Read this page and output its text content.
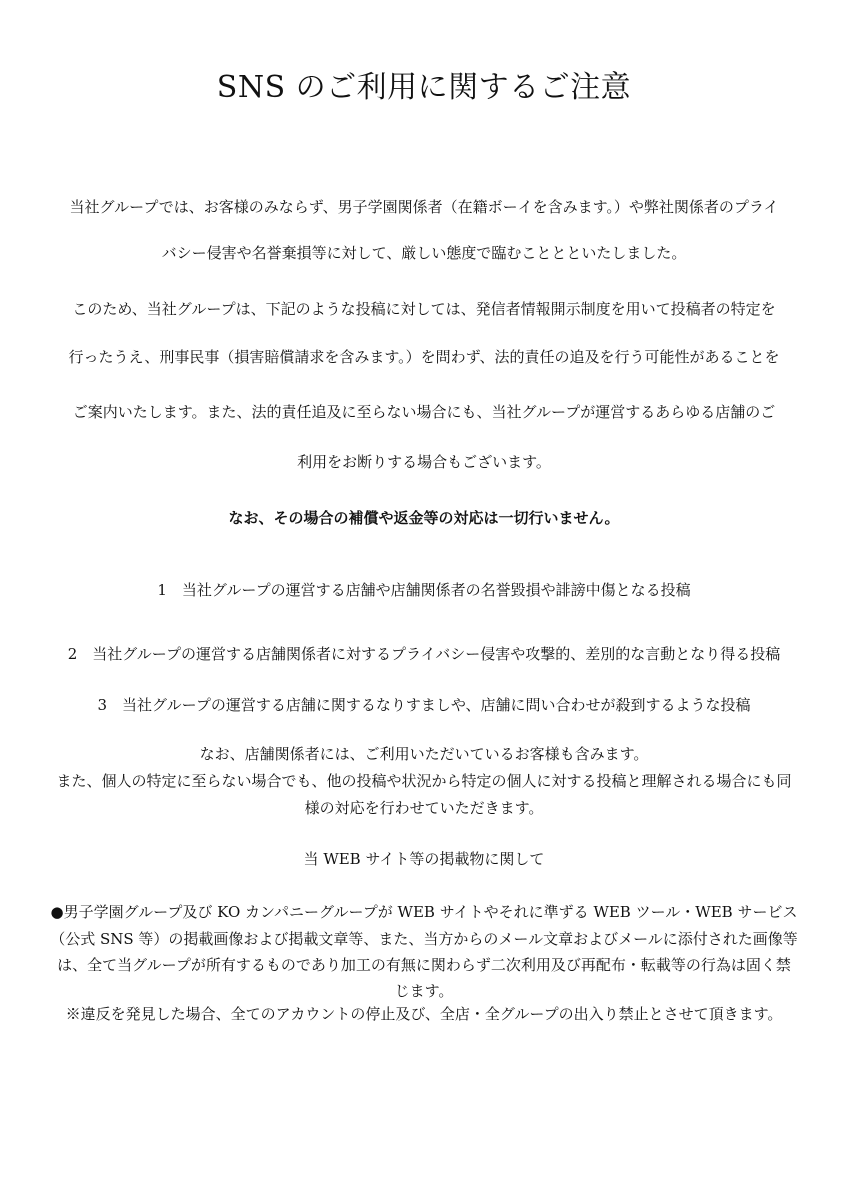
SNS のご利用に関するご注意
当社グループでは、お客様のみならず、男子学園関係者（在籍ボーイを含みます。）や弊社関係者のプライ
バシー侵害や名誉棄損等に対して、厳しい態度で臨むこととといたしました。
このため、当社グループは、下記のような投稿に対しては、発信者情報開示制度を用いて投稿者の特定を
行ったうえ、刑事民事（損害賠償請求を含みます。）を問わず、法的責任の追及を行う可能性があることを
ご案内いたします。また、法的責任追及に至らない場合にも、当社グループが運営するあらゆる店舗のご
利用をお断りする場合もございます。
なお、その場合の補償や返金等の対応は一切行いません。
1　当社グループの運営する店舗や店舗関係者の名誉毀損や誹謗中傷となる投稿
2　当社グループの運営する店舗関係者に対するプライバシー侵害や攻撃的、差別的な言動となり得る投稿
3　当社グループの運営する店舗に関するなりすましや、店舗に問い合わせが殺到するような投稿
なお、店舗関係者には、ご利用いただいているお客様も含みます。
また、個人の特定に至らない場合でも、他の投稿や状況から特定の個人に対する投稿と理解される場合にも同
様の対応を行わせていただきます。
当 WEB サイト等の掲載物に関して
●男子学園グループ及び KO カンパニーグループが WEB サイトやそれに準ずる WEB ツール・WEB サービス
（公式 SNS 等）の掲載画像および掲載文章等、また、当方からのメール文章およびメールに添付された画像等
は、全て当グループが所有するものであり加工の有無に関わらず二次利用及び再配布・転載等の行為は固く禁
じます。
※違反を発見した場合、全てのアカウントの停止及び、全店・全グループの出入り禁止とさせて頂きます。
